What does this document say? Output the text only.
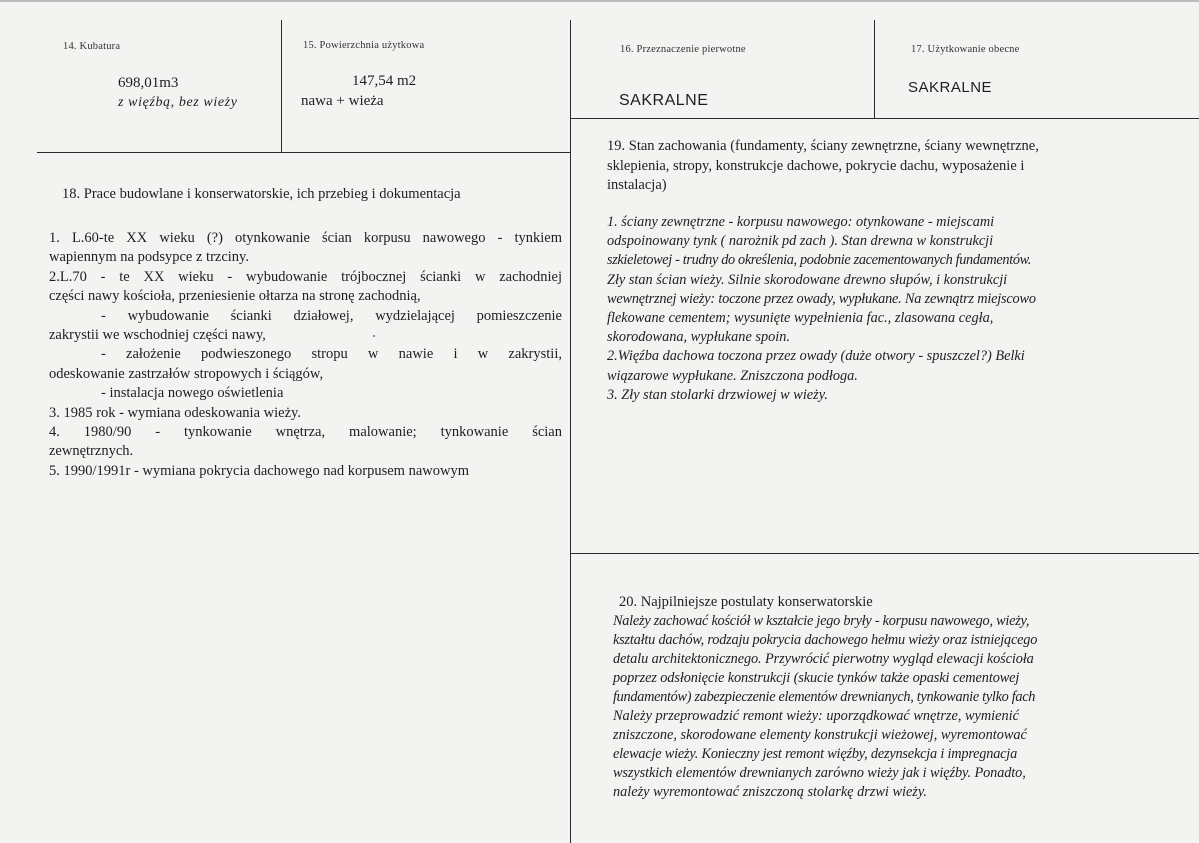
14. Kubatura
698,01m3
z więźbą, bez wieży
15. Powierzchnia użytkowa
147,54 m2
nawa + wieża
16. Przeznaczenie pierwotne
SAKRALNE
17. Użytkowanie obecne
SAKRALNE
18. Prace budowlane i konserwatorskie, ich przebieg i dokumentacja
1. L.60-te XX wieku (?) otynkowanie ścian korpusu nawowego - tynkiem
wapiennym na podsypce z trzciny.
2.L.70 - te XX wieku - wybudowanie trójbocznej ścianki w zachodniej
części nawy kościoła, przeniesienie ołtarza na stronę zachodnią,
- wybudowanie ścianki działowej, wydzielającej pomieszczenie
zakrystii we wschodniej części nawy,
- założenie podwieszonego stropu w nawie i w zakrystii,
odeskowanie zastrzałów stropowych i ściągów,
- instalacja nowego oświetlenia
3. 1985 rok - wymiana odeskowania wieży.
4. 1980/90 - tynkowanie wnętrza, malowanie; tynkowanie ścian
zewnętrznych.
5. 1990/1991r - wymiana pokrycia dachowego nad korpusem nawowym
19. Stan zachowania (fundamenty, ściany zewnętrzne, ściany wewnętrzne,
sklepienia, stropy, konstrukcje dachowe, pokrycie dachu, wyposażenie i
instalacja)
1. ściany zewnętrzne - korpusu nawowego: otynkowane - miejscami
odspoinowany tynk ( narożnik pd zach ). Stan drewna w konstrukcji
szkieletowej - trudny do określenia, podobnie zacementowanych fundamentów.
Zły stan ścian wieży. Silnie skorodowane drewno słupów, i konstrukcji
wewnętrznej wieży: toczone przez owady, wypłukane. Na zewnątrz miejscowo
flekowane cementem; wysunięte wypełnienia fac., zlasowana cegła,
skorodowana, wypłukane spoin.
2.Więźba dachowa toczona przez owady (duże otwory - spuszczel?) Belki
wiązarowe wypłukane. Zniszczona podłoga.
3. Zły stan stolarki drzwiowej w wieży.
20. Najpilniejsze postulaty konserwatorskie
Należy zachować kościół w kształcie jego bryły - korpusu nawowego, wieży,
kształtu dachów, rodzaju pokrycia dachowego hełmu wieży oraz istniejącego
detalu architektonicznego. Przywrócić pierwotny wygląd elewacji kościoła
poprzez odsłonięcie konstrukcji (skucie tynków także opaski cementowej
fundamentów) zabezpieczenie elementów drewnianych, tynkowanie tylko fach
Należy przeprowadzić remont wieży: uporządkować wnętrze, wymienić
zniszczone, skorodowane elementy konstrukcji wieżowej, wyremontować
elewacje wieży. Konieczny jest remont więźby, dezynsekcja i impregnacja
wszystkich elementów drewnianych zarówno wieży jak i więźby. Ponadto,
należy wyremontować zniszczoną stolarkę drzwi wieży.
